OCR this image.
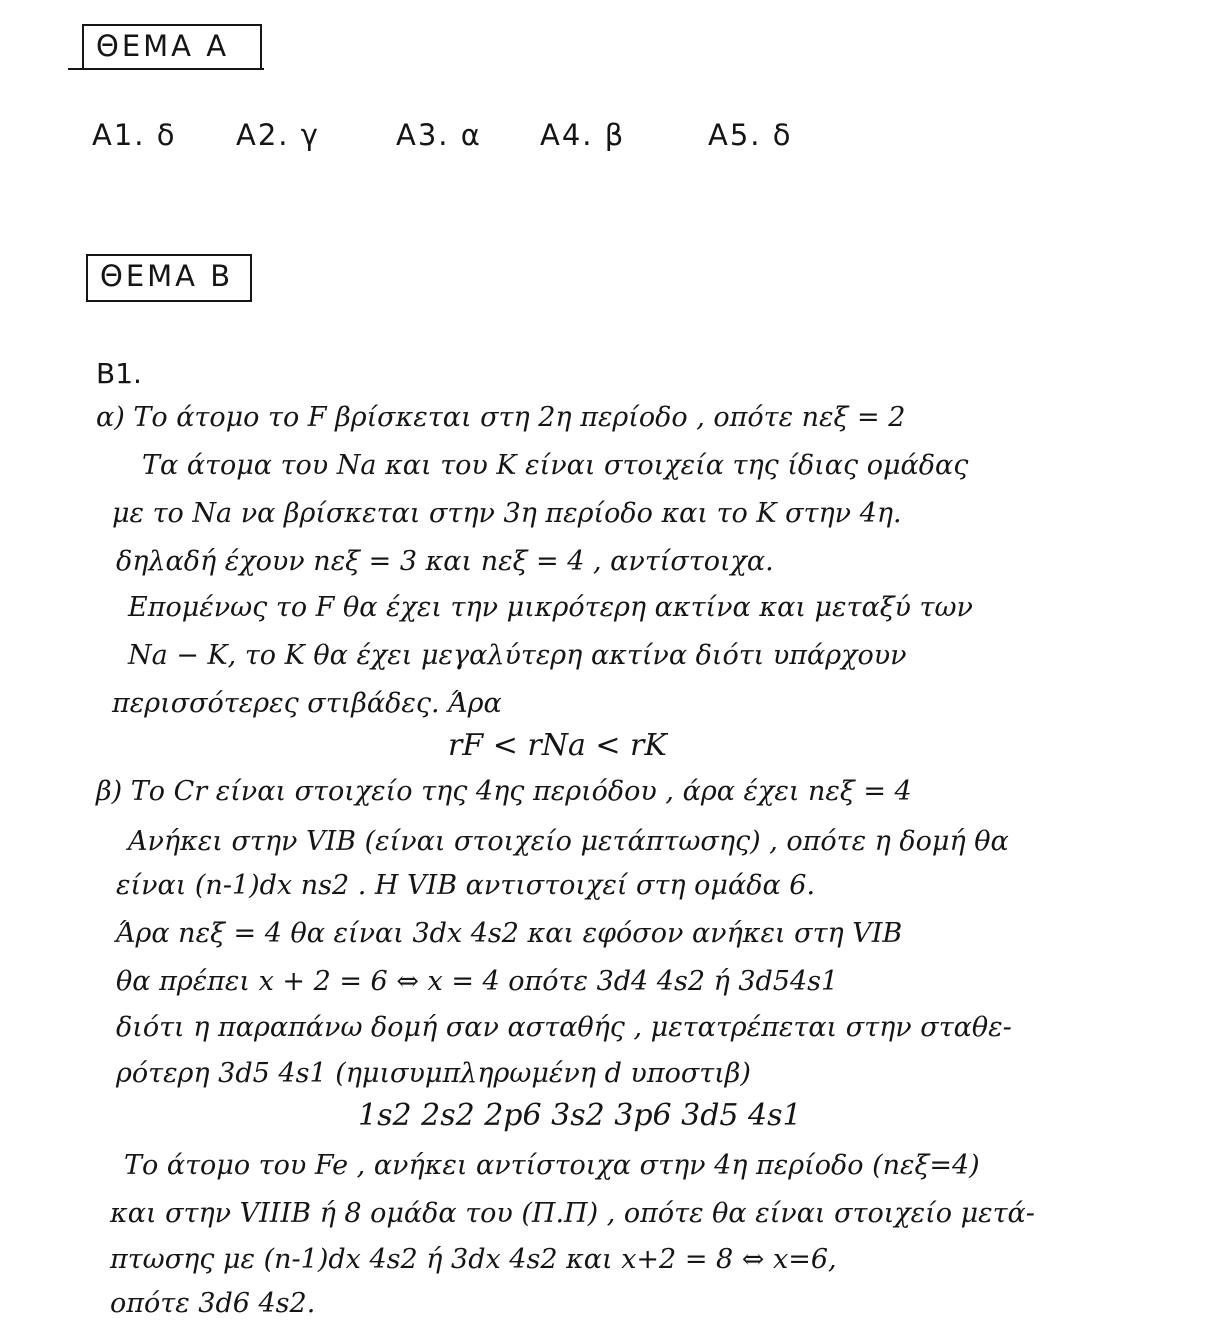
ΘΕΜΑ Α
Α1. δ Α2. γ	Α3. α Α4. β	Α5. δ
ΘΕΜΑ Β
Β1.
α) Το άτομο το F βρίσκεται στη 2η περίοδο , οπότε nεξ = 2
Τα άτομα του Na και του K είναι στοιχεία της ίδιας ομάδας
με το Na να βρίσκεται στην 3η περίοδο και το K στην 4η.
δηλαδή έχουν nεξ = 3 και nεξ = 4 , αντίστοιχα.
Επομένως το F θα έχει την μικρότερη ακτίνα και μεταξύ των
Na − K, το K θα έχει μεγαλύτερη ακτίνα διότι υπάρχουν
περισσότερες στιβάδες. Άρα
rF < rNa < rK
β) Το Cr είναι στοιχείο της 4ης περιόδου , άρα έχει nεξ = 4
Ανήκει στην VIB (είναι στοιχείο μετάπτωσης) , οπότε η δομή θα
είναι (n-1)dx ns2 . Η VIB αντιστοιχεί στη ομάδα 6.
Άρα nεξ = 4 θα είναι 3dx 4s2 και εφόσον ανήκει στη VIB
θα πρέπει x + 2 = 6 ⇔ x = 4 οπότε 3d4 4s2 ή 3d54s1
διότι η παραπάνω δομή σαν ασταθής , μετατρέπεται στην σταθε-
ρότερη 3d5 4s1 (ημισυμπληρωμένη d υποστιβ)
1s2 2s2 2p6 3s2 3p6 3d5 4s1
Το άτομο του Fe , ανήκει αντίστοιχα στην 4η περίοδο (nεξ=4)
και στην VIIIB ή 8 ομάδα του (Π.Π) , οπότε θα είναι στοιχείο μετά-
πτωσης με (n-1)dx 4s2 ή 3dx 4s2 και x+2 = 8 ⇔ x=6,
οπότε 3d6 4s2.
